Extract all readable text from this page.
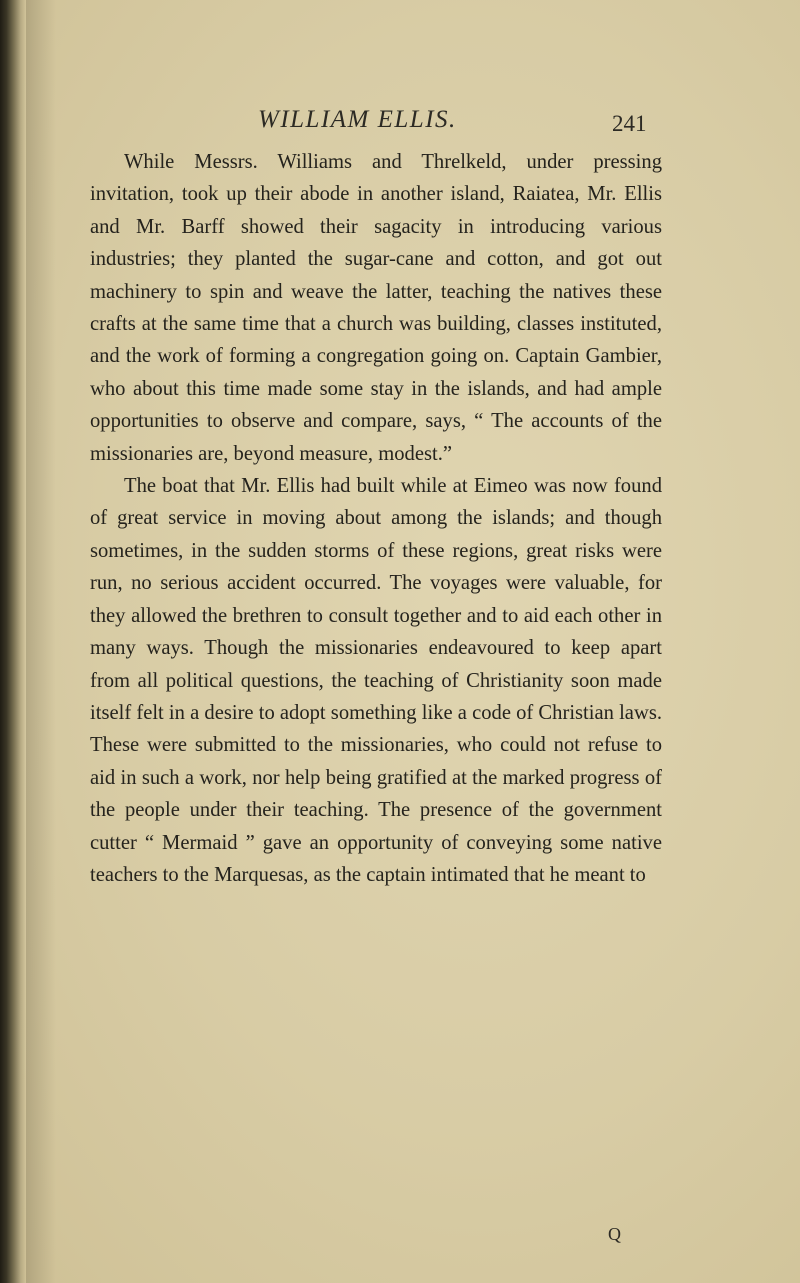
WILLIAM ELLIS.	241

While Messrs. Williams and Threlkeld, under pressing invitation, took up their abode in another island, Raiatea, Mr. Ellis and Mr. Barff showed their sagacity in introducing various industries; they planted the sugar-cane and cotton, and got out machinery to spin and weave the latter, teaching the natives these crafts at the same time that a church was building, classes instituted, and the work of forming a congregation going on. Captain Gambier, who about this time made some stay in the islands, and had ample opportunities to observe and compare, says, “ The accounts of the missionaries are, beyond measure, modest.”

The boat that Mr. Ellis had built while at Eimeo was now found of great service in moving about among the islands; and though sometimes, in the sudden storms of these regions, great risks were run, no serious accident occurred. The voyages were valuable, for they allowed the brethren to consult together and to aid each other in many ways. Though the missionaries endeavoured to keep apart from all political questions, the teaching of Christianity soon made itself felt in a desire to adopt something like a code of Christian laws. These were submitted to the missionaries, who could not refuse to aid in such a work, nor help being gratified at the marked progress of the people under their teaching. The presence of the government cutter “ Mermaid ” gave an opportunity of conveying some native teachers to the Marquesas, as the captain intimated that he meant to

Q
